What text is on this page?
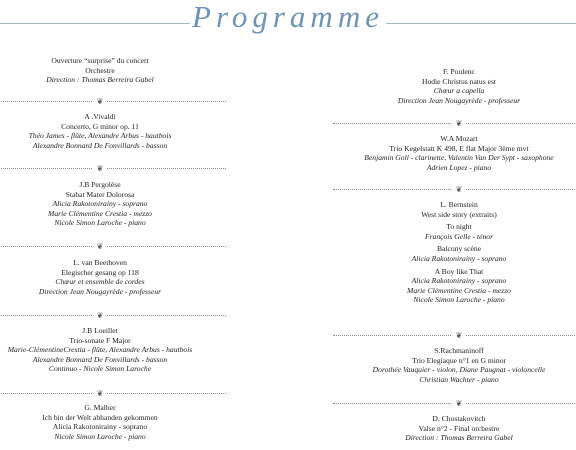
Programme
Ouverture “surprise” du concert
Orchestre
Direction : Thomas Berreira Gabel
A .Vivaldi
Concerto, G minor op. 11
Théo James - flûte, Alexandre Arbus - hautbois
Alexandre Bonnard De Fonvillards - basson
J.B Pergolèse
Stabat Mater Dolorosa
Alicia Rakotonirainy - soprano
Marie Clémentine Crestia - mezzo
Nicole Simon Laroche - piano
L. van Beethoven
Elegischer gesang op 118
Chœur et ensemble de cordes
Direction Jean Nougayrède - professeur
J.B Loeillet
Trio-sonate F Major
Marie-ClémentineCrestia - flûte, Alexandre Arbus - hautbois
Alexandre Bonnard De Fonvillards - basson
Continuo - Nicole Simon Laroche
G. Malher
Ich bin der Welt abhanden gekommen
Alicia Rakotonirainy - soprano
Nicole Simon Laroche - piano
❦
❦
❦
❦
❦
F. Poulenc
Hodie Christus natus est
Chœur a capella
Direction Jean Nougayrède - professeur
W.A Mozart
Trio Kegelstatt K 498, E flat Major 3ème mvt
Benjamin Goll - clarinette, Valentin Van Der Sypt - saxophone
Adrien Lopez - piano
L. Bernstein
West side story (extraits)
To night
François Gelle - ténor
Balcony scène
Alicia Rakotonirainy - soprano
A Boy like That
Alicia Rakotonirainy - soprano
Marie Clémentine Crestia - mezzo
Nicole Simon Laroche - piano
S.Rachmaninoff
Trio Elegiaque n°1 en G minor
Dorothée Vauquier - violon, Diane Paugnat - violoncelle
Christian Wachter - piano
D. Chostakovitch
Valse n°2 - Final orchestre
Direction : Thomas Berreira Gabel
❦
❦
❦
❦
